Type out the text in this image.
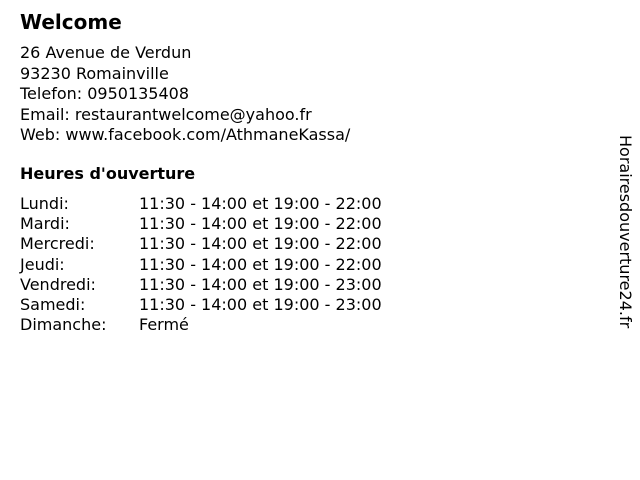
Welcome
26 Avenue de Verdun
93230 Romainville
Telefon: 0950135408
Email: restaurantwelcome@yahoo.fr
Web: www.facebook.com/AthmaneKassa/
Heures d'ouverture
Lundi:	11:30 - 14:00 et 19:00 - 22:00
Mardi:	11:30 - 14:00 et 19:00 - 22:00
Mercredi:	11:30 - 14:00 et 19:00 - 22:00
Jeudi:	11:30 - 14:00 et 19:00 - 22:00
Vendredi:	11:30 - 14:00 et 19:00 - 23:00
Samedi:	11:30 - 14:00 et 19:00 - 23:00
Dimanche:	Fermé	Horairesdouverture24.fr
